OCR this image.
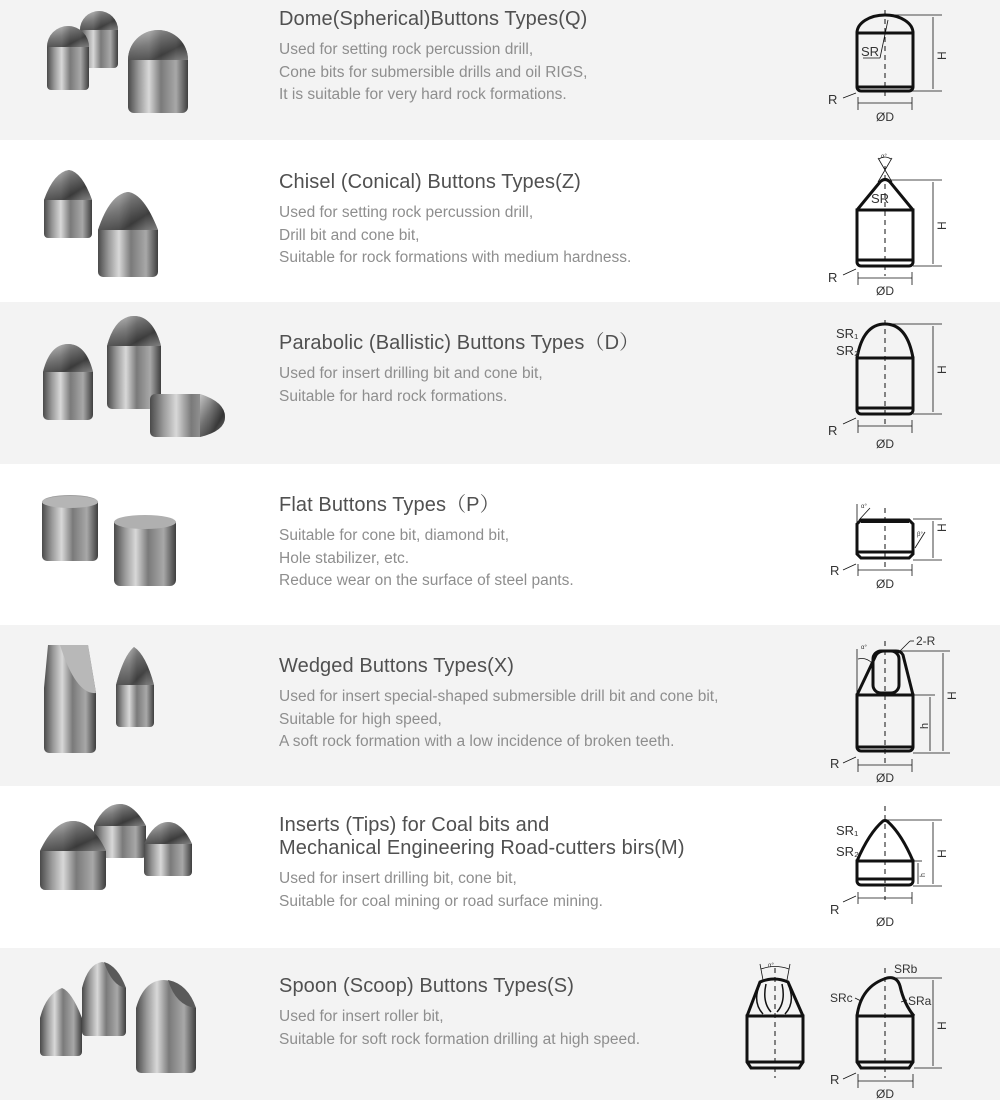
Dome(Spherical)Buttons Types(Q)
Used for setting rock percussion drill,
Cone bits for submersible drills and oil RIGS,
It is suitable for very hard rock formations.
SR	H
R
ØD
Chisel (Conical) Buttons Types(Z)
Used for setting rock percussion drill,
Drill bit and cone bit,
Suitable for rock formations with medium hardness.
α°
SR
H
R
ØD
Parabolic (Ballistic) Buttons Types（D）
Used for insert drilling bit and cone bit,
Suitable for hard rock formations.
SR₁
SR₂
H
R
ØD
Flat Buttons Types（P）
Suitable for cone bit, diamond bit,
Hole stabilizer, etc.
Reduce wear on the surface of steel pants.
α°
β°
H
R
ØD
Wedged Buttons Types(X)
Used for insert special-shaped submersible drill bit and cone bit,
Suitable for high speed,
A soft rock formation with a low incidence of broken teeth.
α°	2-R
h
H
R
ØD
Inserts (Tips) for Coal bits and
Mechanical Engineering Road-cutters birs(M)
Used for insert drilling bit, cone bit,
Suitable for coal mining or road surface mining.
SR₁
SR₂
h
H
R
ØD
Spoon (Scoop) Buttons Types(S)
Used for insert roller bit,
Suitable for soft rock formation drilling at high speed.
α°	SRb
SRc	SRa
H
R
ØD
